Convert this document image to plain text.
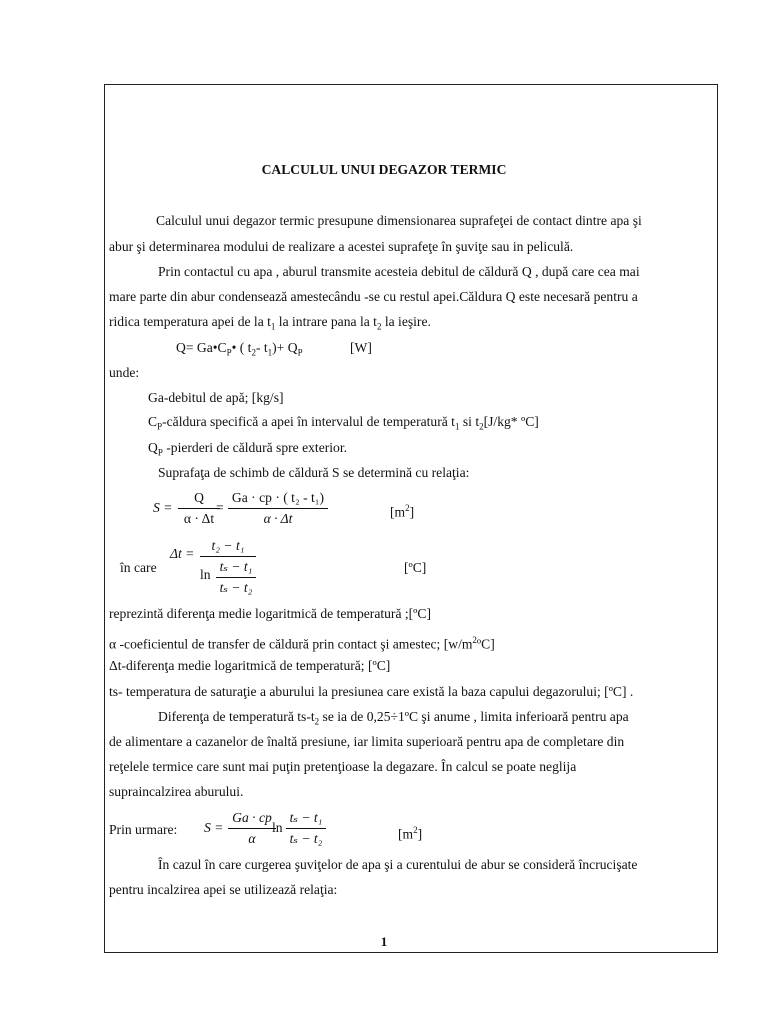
CALCULUL UNUI DEGAZOR TERMIC
Calculul unui degazor termic presupune dimensionarea suprafeţei de contact dintre apa şi
abur şi determinarea modului de realizare a acestei suprafeţe în şuviţe sau in peliculă.
Prin contactul cu apa , aburul transmite acesteia debitul de căldură Q , după care cea mai
mare parte din abur condensează amestecându -se cu restul apei.Căldura Q este necesară pentru a
ridica temperatura apei de la $t_1$ la intrare pana la $t_2$ la ieşire.
$Q= Ga•C_P•$ ( $t_2-$ $t_1)+ Q_P$	[W]
unde:
Ga-debitul de apă; [kg/s]
$C_P$-căldura specifică a apei în intervalul de temperatură $t_1$ si $t_2[J/kg*$ ºC]
$Q_P$ -pierderi de căldură spre exterior.
Suprafaţa de schimb de căldură S se determină cu relaţia:
S =
Q
α · Δt
=
Ga · cp · ( t₂ - t₁)
α · Δt	$[m^2]$
în care
Δt =
t₂ − t₁
ln
tₛ − t₁
tₛ − t₂
[ºC]
reprezintă diferenţa medie logaritmică de temperatură ;[ºC]
α -coeficientul de transfer de căldură prin contact şi amestec; $[w/m^2ºC]$
Δt-diferenţa medie logaritmică de temperatură; [ºC]
ts- temperatura de saturaţie a aburului la presiunea care există la baza capului degazorului; [ºC] .
Diferenţa de temperatură $ts-t_2$ se ia de 0,25÷1ºC şi anume , limita inferioară pentru apa
de alimentare a cazanelor de înaltă presiune, iar limita superioară pentru apa de completare din
reţelele termice care sunt mai puţin pretenţioase la degazare. În calcul se poate neglija
supraincalzirea aburului.
Prin urmare: S =
Ga · cp
α
ln
tₛ − t₁
tₛ − t₂	$[m^2]$
În cazul în care curgerea şuviţelor de apa şi a curentului de abur se consideră încrucişate
pentru incalzirea apei se utilizează relaţia:
1
